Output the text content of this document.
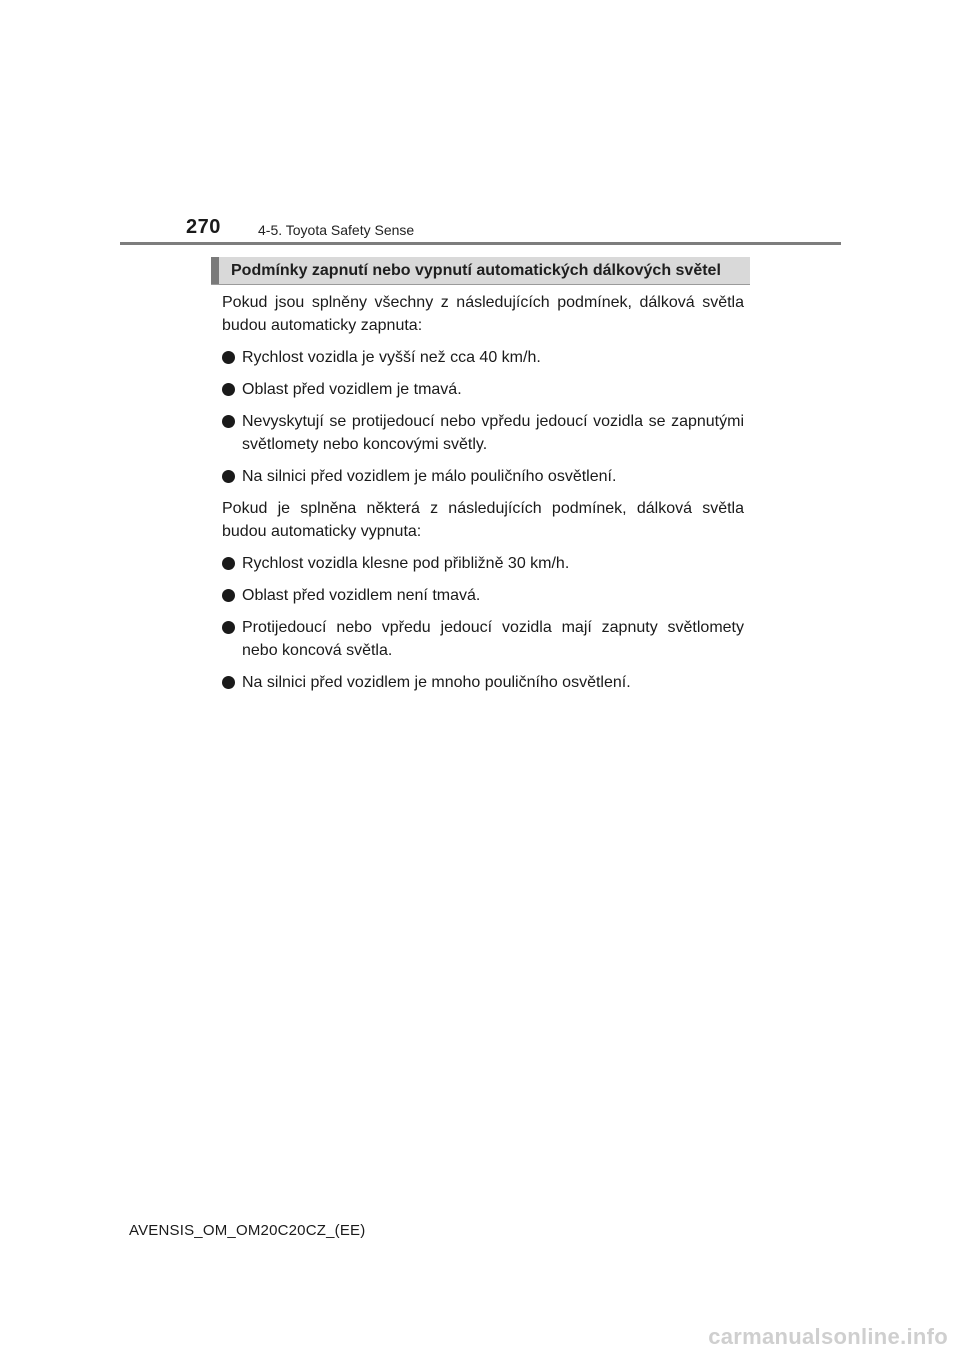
270	4-5. Toyota Safety Sense
Podmínky zapnutí nebo vypnutí automatických dálkových světel

Pokud jsou splněny všechny z následujících podmínek, dálková světla budou automaticky zapnuta:

Rychlost vozidla je vyšší než cca 40 km/h.
Oblast před vozidlem je tmavá.
Nevyskytují se protijedoucí nebo vpředu jedoucí vozidla se zapnutými světlomety nebo koncovými světly.
Na silnici před vozidlem je málo pouličního osvětlení.

Pokud je splněna některá z následujících podmínek, dálková světla budou automaticky vypnuta:

Rychlost vozidla klesne pod přibližně 30 km/h.
Oblast před vozidlem není tmavá.
Protijedoucí nebo vpředu jedoucí vozidla mají zapnuty světlomety nebo koncová světla.
Na silnici před vozidlem je mnoho pouličního osvětlení.
AVENSIS_OM_OM20C20CZ_(EE)
carmanualsonline.info
